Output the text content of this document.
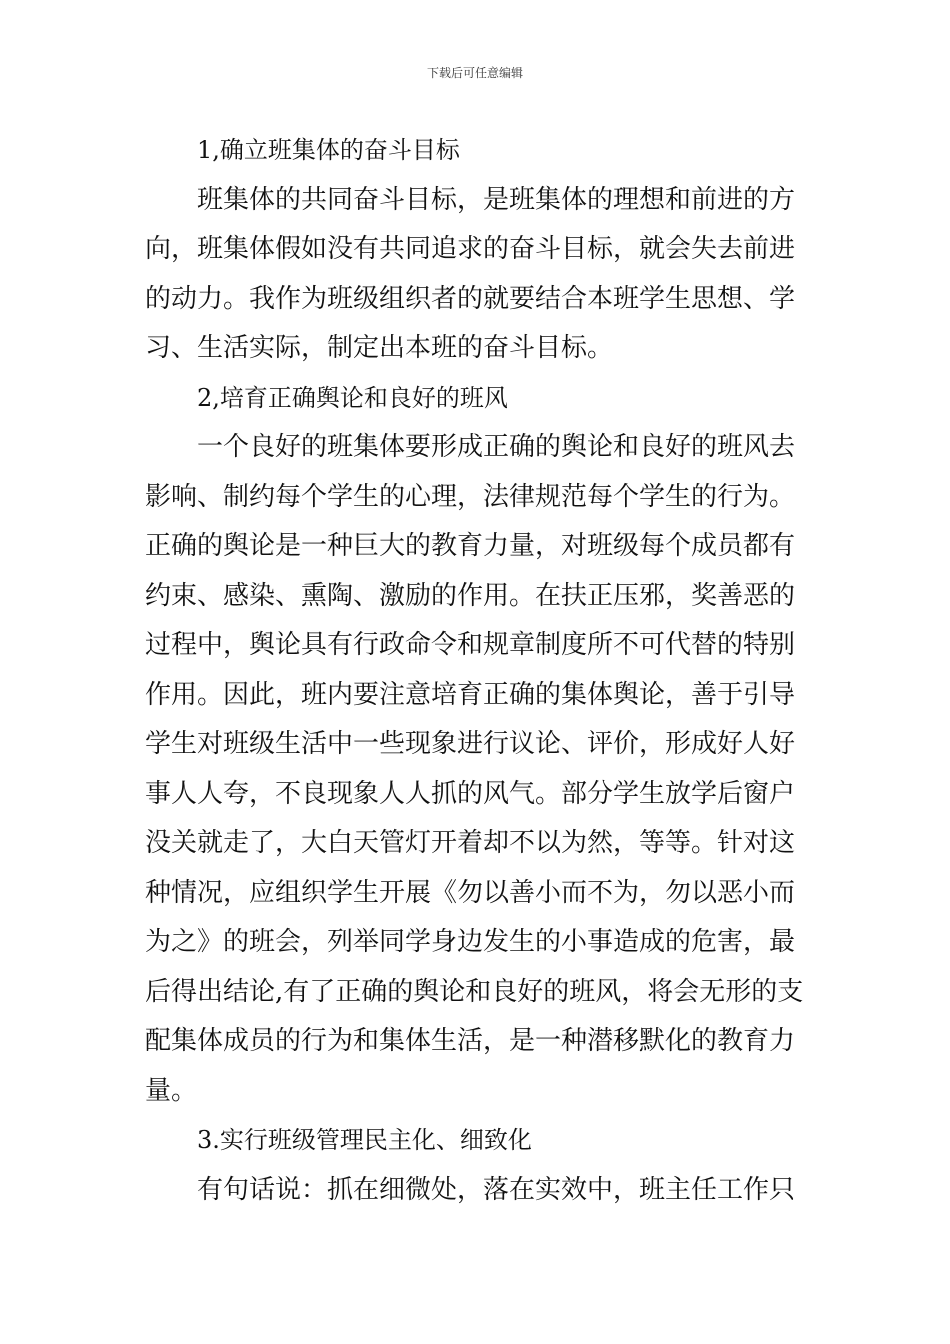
下载后可任意编辑
1,确立班集体的奋斗目标
班集体的共同奋斗目标，是班集体的理想和前进的方
向，班集体假如没有共同追求的奋斗目标，就会失去前进
的动力。我作为班级组织者的就要结合本班学生思想、学
习、生活实际，制定出本班的奋斗目标。
2,培育正确舆论和良好的班风
一个良好的班集体要形成正确的舆论和良好的班风去
影响、制约每个学生的心理，法律规范每个学生的行为。
正确的舆论是一种巨大的教育力量，对班级每个成员都有
约束、感染、熏陶、激励的作用。在扶正压邪，奖善恶的
过程中，舆论具有行政命令和规章制度所不可代替的特别
作用。因此，班内要注意培育正确的集体舆论，善于引导
学生对班级生活中一些现象进行议论、评价，形成好人好
事人人夸，不良现象人人抓的风气。部分学生放学后窗户
没关就走了，大白天管灯开着却不以为然，等等。针对这
种情况，应组织学生开展《勿以善小而不为，勿以恶小而
为之》的班会，列举同学身边发生的小事造成的危害，最
后得出结论,有了正确的舆论和良好的班风，将会无形的支
配集体成员的行为和集体生活，是一种潜移默化的教育力
量。
3.实行班级管理民主化、细致化
有句话说：抓在细微处，落在实效中，班主任工作只
